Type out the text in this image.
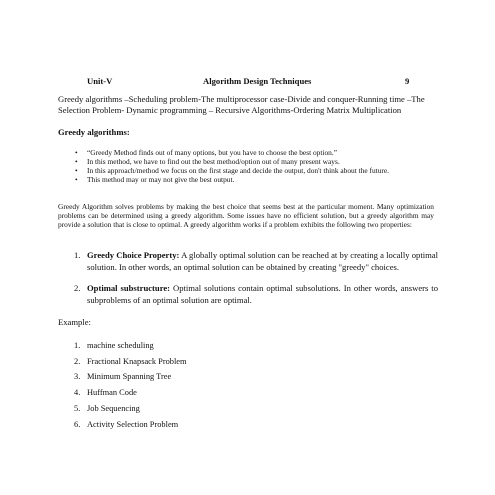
Unit-V	Algorithm Design Techniques	9
Greedy algorithms –Scheduling problem-The multiprocessor case-Divide and conquer-Running time –The Selection Problem- Dynamic programming – Recursive Algorithms-Ordering Matrix Multiplication
Greedy algorithms:
• “Greedy Method finds out of many options, but you have to choose the best option.”
• In this method, we have to find out the best method/option out of many present ways.
• In this approach/method we focus on the first stage and decide the output, don't think about the future.
• This method may or may not give the best output.
Greedy Algorithm solves problems by making the best choice that seems best at the particular moment. Many optimization problems can be determined using a greedy algorithm. Some issues have no efficient solution, but a greedy algorithm may provide a solution that is close to optimal. A greedy algorithm works if a problem exhibits the following two properties:
1. Greedy Choice Property: A globally optimal solution can be reached at by creating a locally optimal solution. In other words, an optimal solution can be obtained by creating "greedy" choices.
2. Optimal substructure: Optimal solutions contain optimal subsolutions. In other words, answers to subproblems of an optimal solution are optimal.
Example:
1. machine scheduling
2. Fractional Knapsack Problem
3. Minimum Spanning Tree
4. Huffman Code
5. Job Sequencing
6. Activity Selection Problem
